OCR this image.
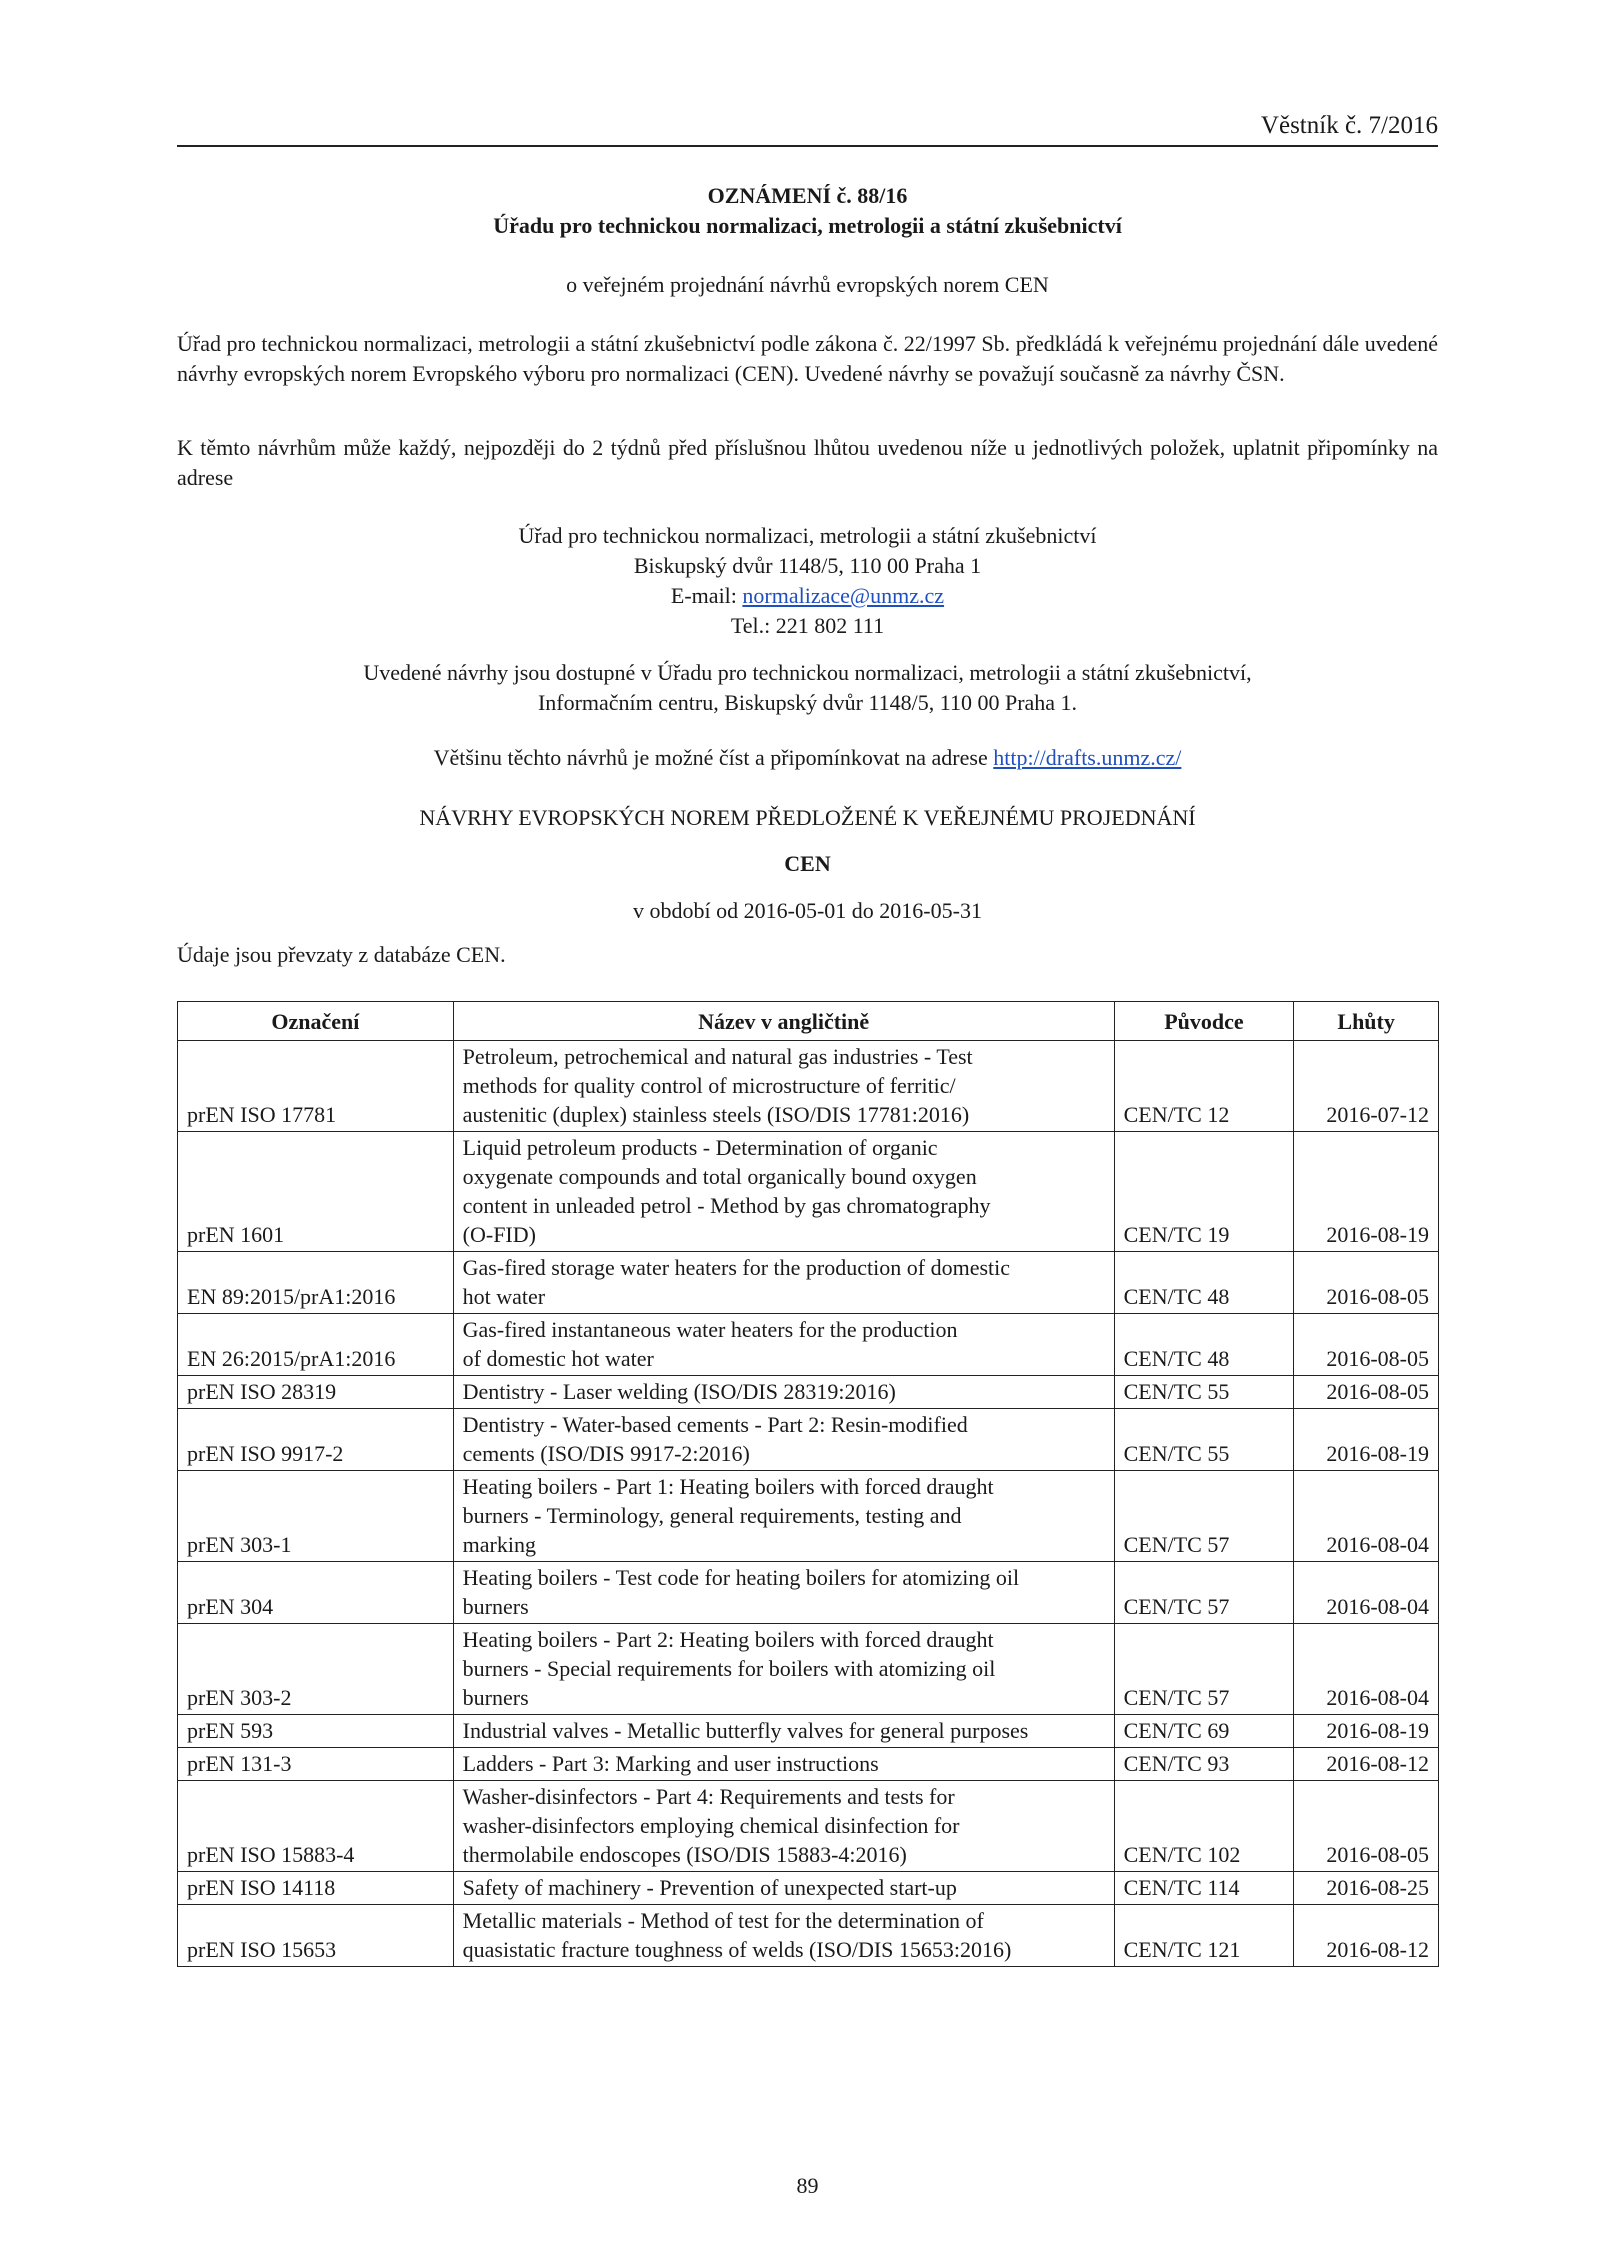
Věstník č. 7/2016
OZNÁMENÍ č. 88/16
Úřadu pro technickou normalizaci, metrologii a státní zkušebnictví
o veřejném projednání návrhů evropských norem CEN
Úřad pro technickou normalizaci, metrologii a státní zkušebnictví podle zákona č. 22/1997 Sb. předkládá k veřejnému projednání dále uvedené návrhy evropských norem Evropského výboru pro normalizaci (CEN). Uvedené návrhy se považují současně za návrhy ČSN.
K těmto návrhům může každý, nejpozději do 2 týdnů před příslušnou lhůtou uvedenou níže u jednotlivých položek, uplatnit připomínky na adrese
Úřad pro technickou normalizaci, metrologii a státní zkušebnictví
Biskupský dvůr 1148/5, 110 00 Praha 1
E-mail: normalizace@unmz.cz
Tel.: 221 802 111
Uvedené návrhy jsou dostupné v Úřadu pro technickou normalizaci, metrologii a státní zkušebnictví,
Informačním centru, Biskupský dvůr 1148/5, 110 00 Praha 1.
Většinu těchto návrhů je možné číst a připomínkovat na adrese http://drafts.unmz.cz/
NÁVRHY EVROPSKÝCH NOREM PŘEDLOŽENÉ K VEŘEJNÉMU PROJEDNÁNÍ
CEN
v období od 2016-05-01 do 2016-05-31
Údaje jsou převzaty z databáze CEN.
Označení	Název v angličtině	Původce	Lhůty
prEN ISO 17781	Petroleum, petrochemical and natural gas industries - Test
methods for quality control of microstructure of ferritic/
austenitic (duplex) stainless steels (ISO/DIS 17781:2016)	CEN/TC 12	2016-07-12
prEN 1601	Liquid petroleum products - Determination of organic
oxygenate compounds and total organically bound oxygen
content in unleaded petrol - Method by gas chromatography
(O-FID)	CEN/TC 19	2016-08-19
EN 89:2015/prA1:2016	Gas-fired storage water heaters for the production of domestic
hot water	CEN/TC 48	2016-08-05
EN 26:2015/prA1:2016	Gas-fired instantaneous water heaters for the production
of domestic hot water	CEN/TC 48	2016-08-05
prEN ISO 28319	Dentistry - Laser welding (ISO/DIS 28319:2016)	CEN/TC 55	2016-08-05
prEN ISO 9917-2	Dentistry - Water-based cements - Part 2: Resin-modified
cements (ISO/DIS 9917-2:2016)	CEN/TC 55	2016-08-19
prEN 303-1	Heating boilers - Part 1: Heating boilers with forced draught
burners - Terminology, general requirements, testing and
marking	CEN/TC 57	2016-08-04
prEN 304	Heating boilers - Test code for heating boilers for atomizing oil
burners	CEN/TC 57	2016-08-04
prEN 303-2	Heating boilers - Part 2: Heating boilers with forced draught
burners - Special requirements for boilers with atomizing oil
burners	CEN/TC 57	2016-08-04
prEN 593	Industrial valves - Metallic butterfly valves for general purposes	CEN/TC 69	2016-08-19
prEN 131-3	Ladders - Part 3: Marking and user instructions	CEN/TC 93	2016-08-12
prEN ISO 15883-4	Washer-disinfectors - Part 4: Requirements and tests for
washer-disinfectors employing chemical disinfection for
thermolabile endoscopes (ISO/DIS 15883-4:2016)	CEN/TC 102	2016-08-05
prEN ISO 14118	Safety of machinery - Prevention of unexpected start-up	CEN/TC 114	2016-08-25
prEN ISO 15653	Metallic materials - Method of test for the determination of
quasistatic fracture toughness of welds (ISO/DIS 15653:2016)	CEN/TC 121	2016-08-12
89
